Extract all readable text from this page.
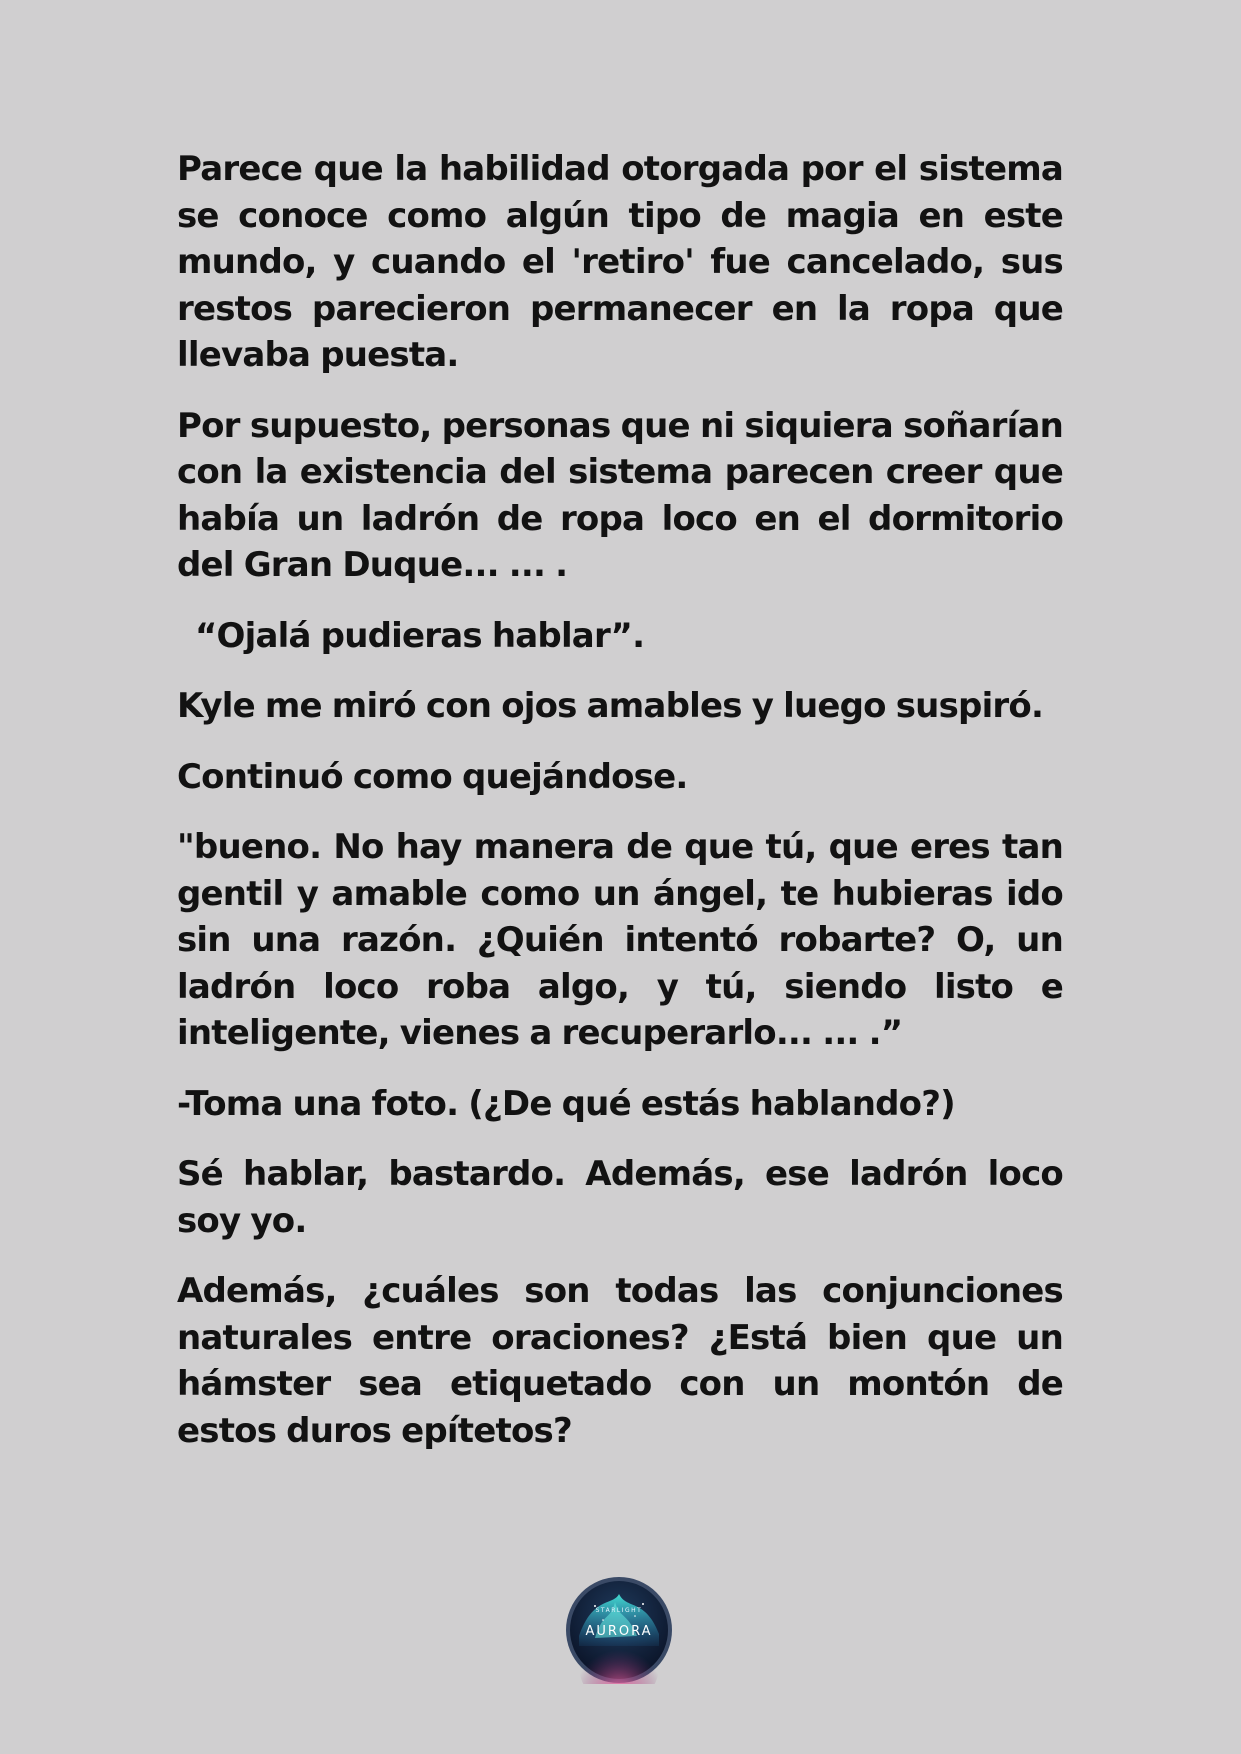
Parece que la habilidad otorgada por el sistema se conoce como algún tipo de magia en este mundo, y cuando el 'retiro' fue cancelado, sus restos parecieron permanecer en la ropa que llevaba puesta.

Por supuesto, personas que ni siquiera soñarían con la existencia del sistema parecen creer que había un ladrón de ropa loco en el dormitorio del Gran Duque... ... .

“Ojalá pudieras hablar”.

Kyle me miró con ojos amables y luego suspiró.

Continuó como quejándose.

"bueno. No hay manera de que tú, que eres tan gentil y amable como un ángel, te hubieras ido sin una razón. ¿Quién intentó robarte? O, un ladrón loco roba algo, y tú, siendo listo e inteligente, vienes a recuperarlo... ... .”

-Toma una foto. (¿De qué estás hablando?)

Sé hablar, bastardo. Además, ese ladrón loco soy yo.

Además, ¿cuáles son todas las conjunciones naturales entre oraciones? ¿Está bien que un hámster sea etiquetado con un montón de estos duros epítetos?

STARLIGHT
AURORA
